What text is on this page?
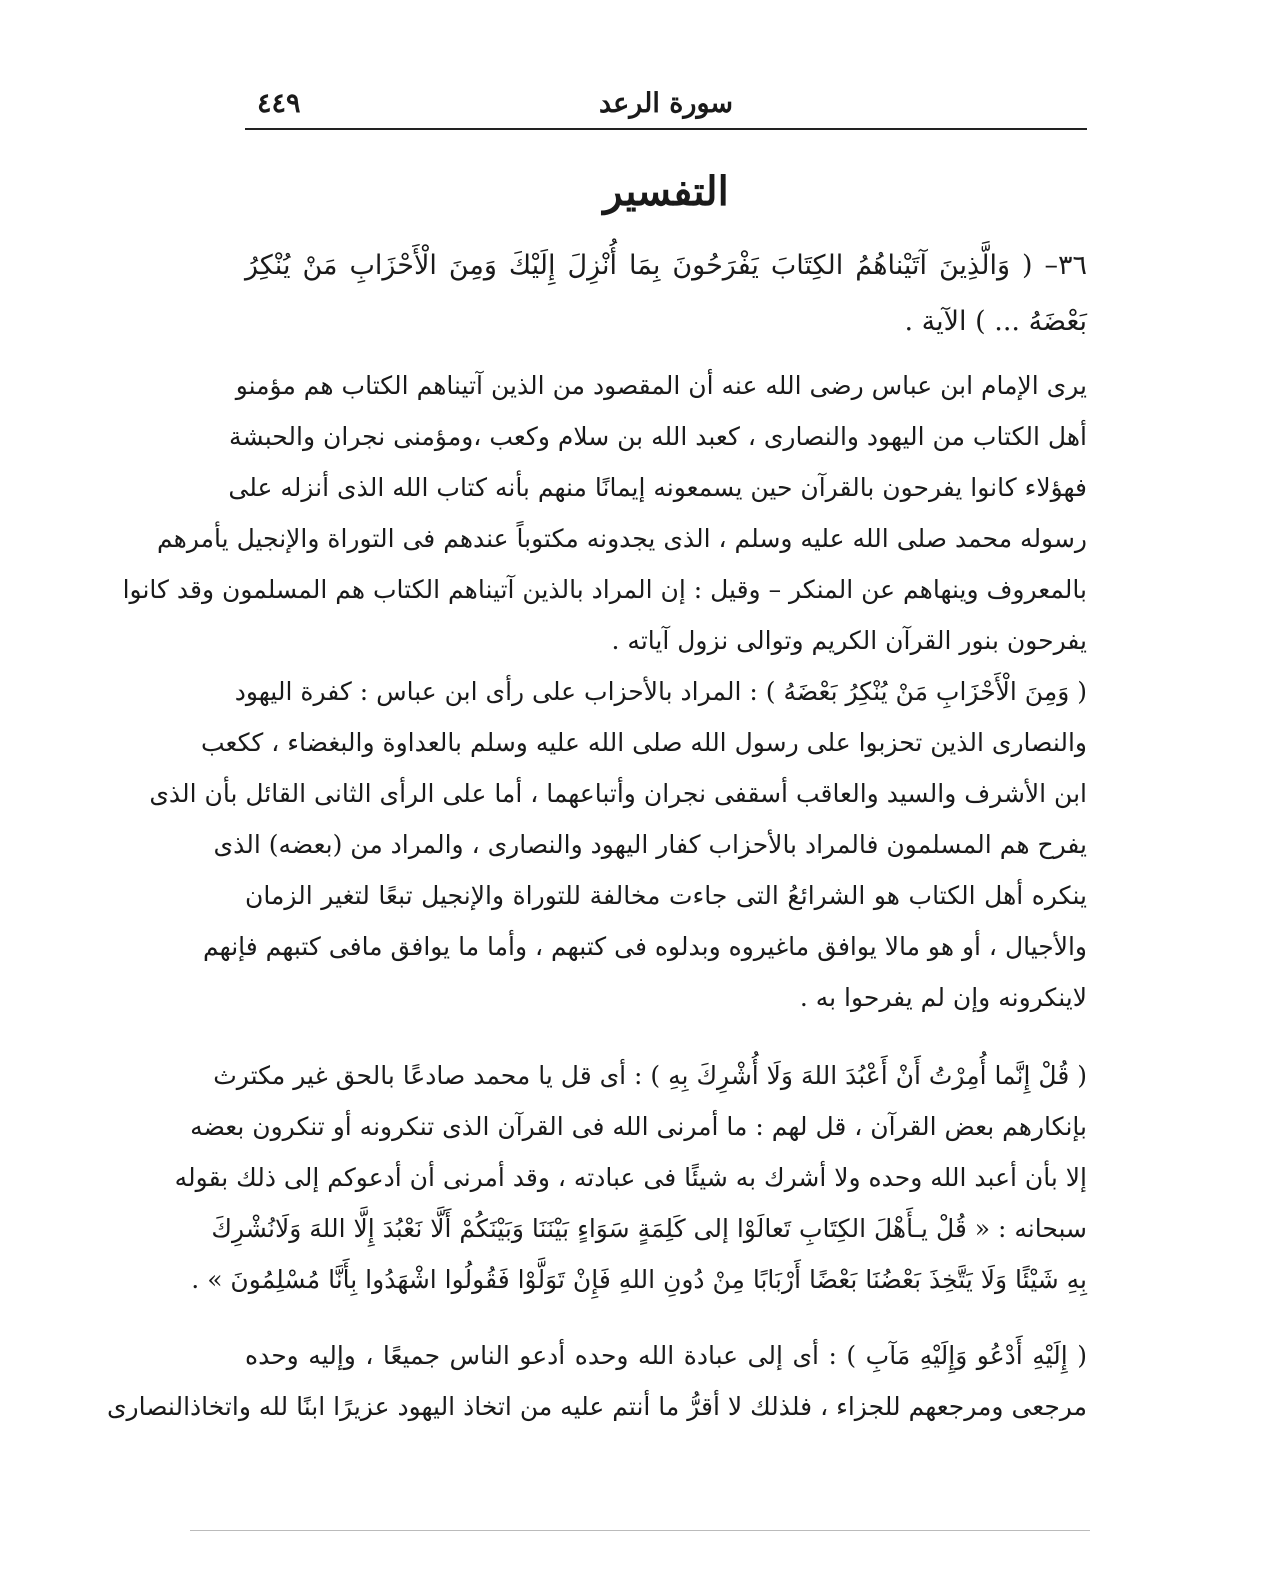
سورة الرعد
٤٤٩
التفسير
٣٦– ( وَالَّذِينَ آتَيْناهُمُ الكِتَابَ يَفْرَحُونَ بِمَا أُنْزِلَ إِلَيْكَ وَمِنَ الْأَحْزَابِ مَنْ يُنْكِرُ
بَعْضَهُ ... ) الآية .
يرى الإمام ابن عباس رضى الله عنه أن المقصود من الذين آتيناهم الكتاب هم مؤمنو
أهل الكتاب من اليهود والنصارى ، كعبد الله بن سلام وكعب ،ومؤمنى نجران والحبشة
فهؤلاء كانوا يفرحون بالقرآن حين يسمعونه إيمانًا منهم بأنه كتاب الله الذى أنزله على
رسوله محمد صلى الله عليه وسلم ، الذى يجدونه مكتوباً عندهم فى التوراة والإنجيل يأمرهم
بالمعروف وينهاهم عن المنكر – وقيل : إن المراد بالذين آتيناهم الكتاب هم المسلمون وقد كانوا
يفرحون بنور القرآن الكريم وتوالى نزول آياته .
( وَمِنَ الْأَحْزَابِ مَنْ يُنْكِرُ بَعْضَهُ ) : المراد بالأحزاب على رأى ابن عباس : كفرة اليهود
والنصارى الذين تحزبوا على رسول الله صلى الله عليه وسلم بالعداوة والبغضاء ، ككعب
ابن الأشرف والسيد والعاقب أسقفى نجران وأتباعهما ، أما على الرأى الثانى القائل بأن الذى
يفرح هم المسلمون فالمراد بالأحزاب كفار اليهود والنصارى ، والمراد من (بعضه) الذى
ينكره أهل الكتاب هو الشرائعُ التى جاءت مخالفة للتوراة والإنجيل تبعًا لتغير الزمان
والأجيال ، أو هو مالا يوافق ماغيروه وبدلوه فى كتبهم ، وأما ما يوافق مافى كتبهم فإنهم
لاينكرونه وإن لم يفرحوا به .
( قُلْ إِنَّما أُمِرْتُ أَنْ أَعْبُدَ اللهَ وَلَا أُشْرِكَ بِهِ ) : أى قل يا محمد صادعًا بالحق غير مكترث
بإنكارهم بعض القرآن ، قل لهم : ما أمرنى الله فى القرآن الذى تنكرونه أو تنكرون بعضه
إلا بأن أعبد الله وحده ولا أشرك به شيئًا فى عبادته ، وقد أمرنى أن أدعوكم إلى ذلك بقوله
سبحانه : « قُلْ يـأَهْلَ الكِتَابِ تَعالَوْا إلى كَلِمَةٍ سَوَاءٍ بَيْنَنَا وَبَيْنَكُمْ أَلَّا نَعْبُدَ إِلَّا اللهَ وَلَانُشْرِكَ
بِهِ شَيْئًا وَلَا يَتَّخِذَ بَعْضُنَا بَعْضًا أَرْبَابًا مِنْ دُونِ اللهِ فَإِنْ تَوَلَّوْا فَقُولُوا اشْهَدُوا بِأَنَّا مُسْلِمُونَ » .
( إِلَيْهِ أَدْعُو وَإِلَيْهِ مَآبِ ) : أى إلى عبادة الله وحده أدعو الناس جميعًا ، وإليه وحده
مرجعى ومرجعهم للجزاء ، فلذلك لا أقرُّ ما أنتم عليه من اتخاذ اليهود عزيرًا ابنًا لله واتخاذالنصارى
